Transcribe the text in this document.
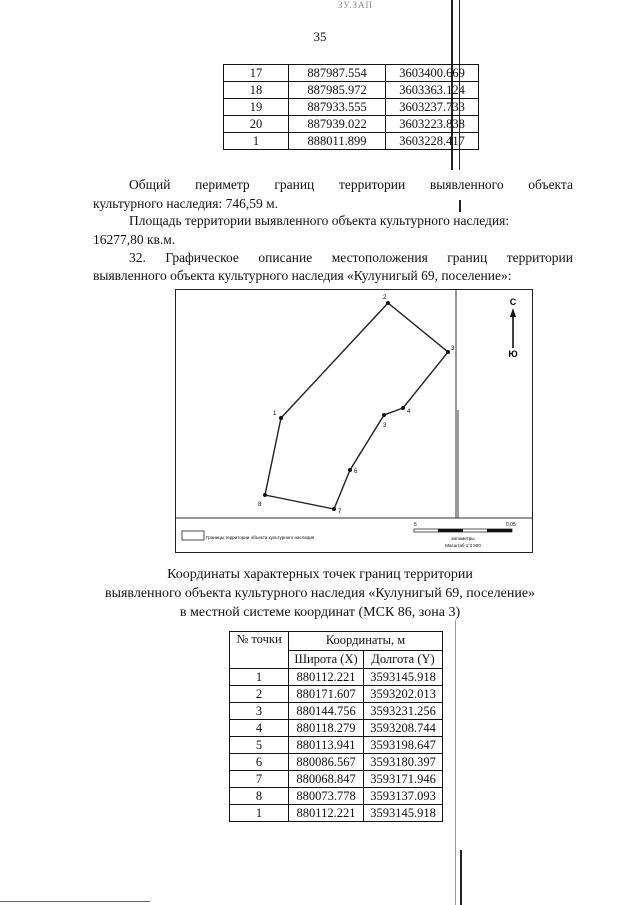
ЗУ.ЗАП
35
17	887987.554	3603400.669
18	887985.972	3603363.124
19	887933.555	3603237.733
20	887939.022	3603223.838
1	888011.899	3603228.417
Общий периметр границ территории выявленного объекта
культурного наследия: 746,59 м.
Площадь территории выявленного объекта культурного наследия:
16277,80 кв.м.
32. Графическое описание местоположения границ территории
выявленного объекта культурного наследия «Кулунигый 69, поселение»:
1
2
3
4
3
6
7
8
С
Ю
Границы территории объекта культурного наследия
5	0,05
километры
Масштаб 1:3 500
Координаты характерных точек границ территории
выявленного объекта культурного наследия «Кулунигый 69, поселение»
в местной системе координат (МСК 86, зона 3)
№ точки	Координаты, м	
	Широта (X)	Долгота (Y)
1	880112.221	3593145.918
2	880171.607	3593202.013
3	880144.756	3593231.256
4	880118.279	3593208.744
5	880113.941	3593198.647
6	880086.567	3593180.397
7	880068.847	3593171.946
8	880073.778	3593137.093
1	880112.221	3593145.918
